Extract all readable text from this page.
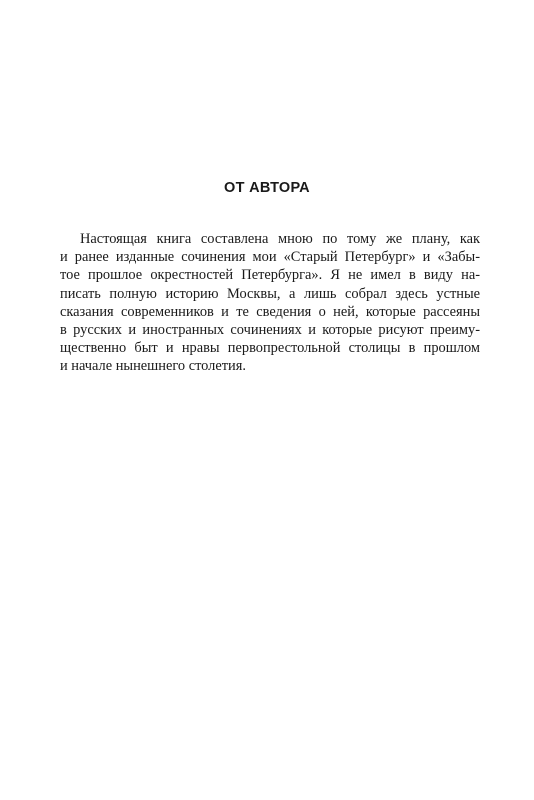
ОТ АВТОРА
Настоящая книга составлена мною по тому же плану, как
и ранее изданные сочинения мои «Старый Петербург» и «Забы-
тое прошлое окрестностей Петербурга». Я не имел в виду на-
писать полную историю Москвы, а лишь собрал здесь устные
сказания современников и те сведения о ней, которые рассеяны
в русских и иностранных сочинениях и которые рисуют преиму-
щественно быт и нравы первопрестольной столицы в прошлом
и начале нынешнего столетия.
